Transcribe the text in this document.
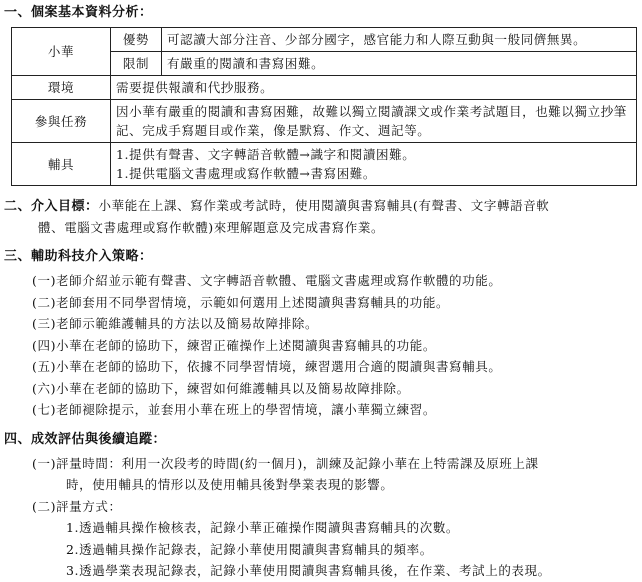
一、個案基本資料分析：
小華	優勢	可認讀大部分注音、少部分國字，感官能力和人際互動與一般同儕無異。
	限制	有嚴重的閱讀和書寫困難。
環境	需要提供報讀和代抄服務。	
參與任務	因小華有嚴重的閱讀和書寫困難，故難以獨立閱讀課文或作業考試題目，也難以獨立抄筆記、完成手寫題目或作業，像是默寫、作文、週記等。	
輔具	1.提供有聲書、文字轉語音軟體→識字和閱讀困難。
1.提供電腦文書處理或寫作軟體→書寫困難。	
二、介入目標：小華能在上課、寫作業或考試時，使用閱讀與書寫輔具(有聲書、文字轉語音軟
體、電腦文書處理或寫作軟體)來理解題意及完成書寫作業。
三、輔助科技介入策略：
(一)老師介紹並示範有聲書、文字轉語音軟體、電腦文書處理或寫作軟體的功能。
(二)老師套用不同學習情境，示範如何選用上述閱讀與書寫輔具的功能。
(三)老師示範維護輔具的方法以及簡易故障排除。
(四)小華在老師的協助下，練習正確操作上述閱讀與書寫輔具的功能。
(五)小華在老師的協助下，依據不同學習情境，練習選用合適的閱讀與書寫輔具。
(六)小華在老師的協助下，練習如何維護輔具以及簡易故障排除。
(七)老師褪除提示，並套用小華在班上的學習情境，讓小華獨立練習。
四、成效評估與後續追蹤：
(一)評量時間：利用一次段考的時間(約一個月)，訓練及記錄小華在上特需課及原班上課
時，使用輔具的情形以及使用輔具後對學業表現的影響。
(二)評量方式：
1.透過輔具操作檢核表，記錄小華正確操作閱讀與書寫輔具的次數。
2.透過輔具操作記錄表，記錄小華使用閱讀與書寫輔具的頻率。
3.透過學業表現記錄表，記錄小華使用閱讀與書寫輔具後，在作業、考試上的表現。
